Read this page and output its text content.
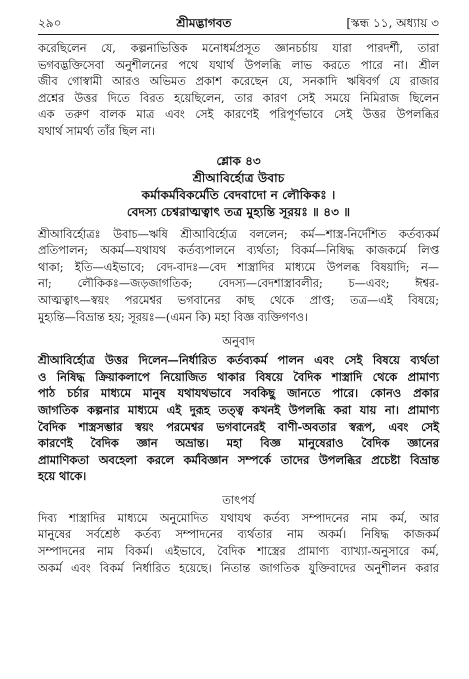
২৯০	শ্রীমদ্ভাগবত	[স্কন্ধ ১১, অধ্যায় ৩
করেছিলেন যে, কল্পনাভিত্তিক মনোধর্মপ্রসূত জ্ঞানচর্চায় যারা পারদর্শী, তারা
ভগবদ্ভক্তিসেবা অনুশীলনের পথে যথার্থ উপলব্ধি লাভ করতে পারে না। শ্রীল
জীব গোস্বামী আরও অভিমত প্রকাশ করেছেন যে, সনকাদি ঋষিবর্গ যে রাজার
প্রশ্নের উত্তর দিতে বিরত হয়েছিলেন, তার কারণ সেই সময়ে নিমিরাজ ছিলেন
এক তরুণ বালক মাত্র এবং সেই কারণেই পরিপূর্ণভাবে সেই উত্তর উপলব্ধির
যথার্থ সামর্থ্য তাঁর ছিল না।

শ্লোক ৪৩

শ্রীআবির্হোত্র উবাচ

কর্মাকর্মবিকর্মেতি বেদবাদো ন লৌকিকঃ ।

বেদস্য চেশ্বরাত্মত্বাৎ তত্র মুহ্যন্তি সূরয়ঃ ॥ ৪৩ ॥

শ্রীআবির্হোত্রঃ উবাচ—ঋষি শ্রীআবির্হোত্র বললেন; কর্ম—শাস্ত্র-নির্দেশিত কর্তব্যকর্ম
প্রতিপালন; অকর্ম—যথাযথ কর্তব্যপালনে ব্যর্থতা; বিকর্ম—নিষিদ্ধ কাজকর্মে লিপ্ত
থাকা; ইতি—এইভাবে; বেদ-বাদঃ—বেদ শাস্ত্রাদির মাধ্যমে উপলব্ধ বিষয়াদি; ন—
না; লৌকিকঃ—জড়জাগতিক; বেদস্য—বেদশাস্ত্রাবলীর; চ—এবং; ঈশ্বর-
আত্মত্বাৎ—স্বয়ং পরমেশ্বর ভগবানের কাছ থেকে প্রাপ্ত; তত্র—এই বিষয়ে;
মুহ্যন্তি—বিভ্রান্ত হয়; সূরয়ঃ—(এমন কি) মহা বিজ্ঞ ব্যক্তিগণও।
অনুবাদ
শ্রীআবির্হোত্র উত্তর দিলেন—নির্ধারিত কর্তব্যকর্ম পালন এবং সেই বিষয়ে ব্যর্থতা
ও নিষিদ্ধ ক্রিয়াকলাপে নিয়োজিত থাকার বিষয়ে বৈদিক শাস্ত্রাদি থেকে প্রামাণ্য
পাঠ চর্চার মাধ্যমে মানুষ যথাযথভাবে সবকিছু জানতে পারে। কোনও প্রকার
জাগতিক কল্পনার মাধ্যমে এই দুরূহ তত্ত্ব কখনই উপলব্ধি করা যায় না। প্রামাণ্য
বৈদিক শাস্ত্রসম্ভার স্বয়ং পরমেশ্বর ভগবানেরই বাণী-অবতার স্বরূপ, এবং সেই
কারণেই বৈদিক জ্ঞান অভ্রান্ত। মহা বিজ্ঞ মানুষেরাও বৈদিক জ্ঞানের
প্রামাণিকতা অবহেলা করলে কর্মবিজ্ঞান সম্পর্কে তাদের উপলব্ধির প্রচেষ্টা বিভ্রান্ত
হয়ে থাকে।
তাৎপর্য
দিব্য শাস্ত্রাদির মাধ্যমে অনুমোদিত যথাযথ কর্তব্য সম্পাদনের নাম কর্ম, আর
মানুষের সর্বশ্রেষ্ঠ কর্তব্য সম্পাদনের ব্যর্থতার নাম অকর্ম। নিষিদ্ধ কাজকর্ম
সম্পাদনের নাম বিকর্ম। এইভাবে, বৈদিক শাস্ত্রের প্রামাণ্য ব্যাখ্যা-অনুসারে কর্ম,
অকর্ম এবং বিকর্ম নির্ধারিত হয়েছে। নিতান্ত জাগতিক যুক্তিবাদের অনুশীলন করার
